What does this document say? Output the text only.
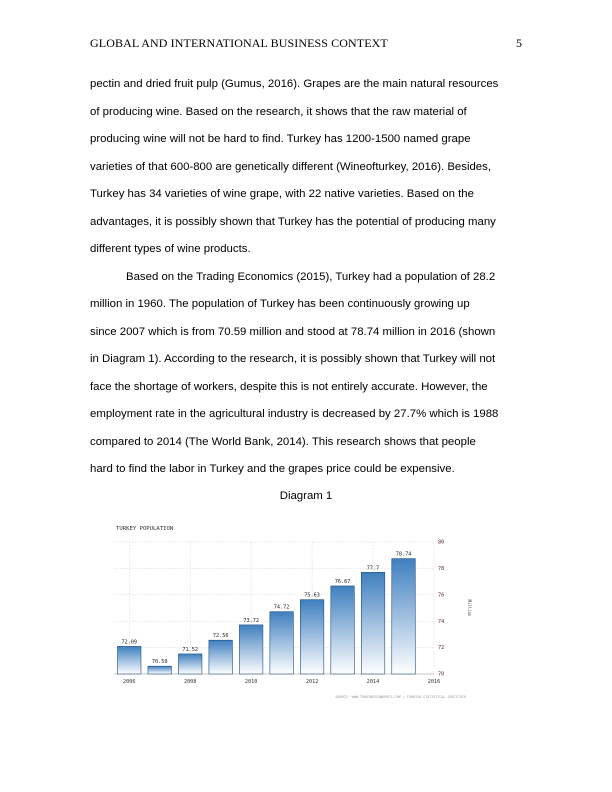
GLOBAL AND INTERNATIONAL BUSINESS CONTEXT	5
pectin and dried fruit pulp (Gumus, 2016). Grapes are the main natural resources
of producing wine. Based on the research, it shows that the raw material of
producing wine will not be hard to find. Turkey has 1200-1500 named grape
varieties of that 600-800 are genetically different (Wineofturkey, 2016). Besides,
Turkey has 34 varieties of wine grape, with 22 native varieties. Based on the
advantages, it is possibly shown that Turkey has the potential of producing many
different types of wine products.
Based on the Trading Economics (2015), Turkey had a population of 28.2
million in 1960. The population of Turkey has been continuously growing up
since 2007 which is from 70.59 million and stood at 78.74 million in 2016 (shown
in Diagram 1). According to the research, it is possibly shown that Turkey will not
face the shortage of workers, despite this is not entirely accurate. However, the
employment rate in the agricultural industry is decreased by 27.7% which is 1988
compared to 2014 (The World Bank, 2014). This research shows that people
hard to find the labor in Turkey and the grapes price could be expensive.
Diagram 1
TURKEY POPULATION
72.09
70.59
71.52
72.56
73.72
74.72
75.63
76.67
77.7
78.74
2006	2008	2010	2012	2014	2016
70
72
74
76
78
80
Million
SOURCE: WWW.TRADINGECONOMICS.COM | TURKISH STATISTICAL INSTITUTE
